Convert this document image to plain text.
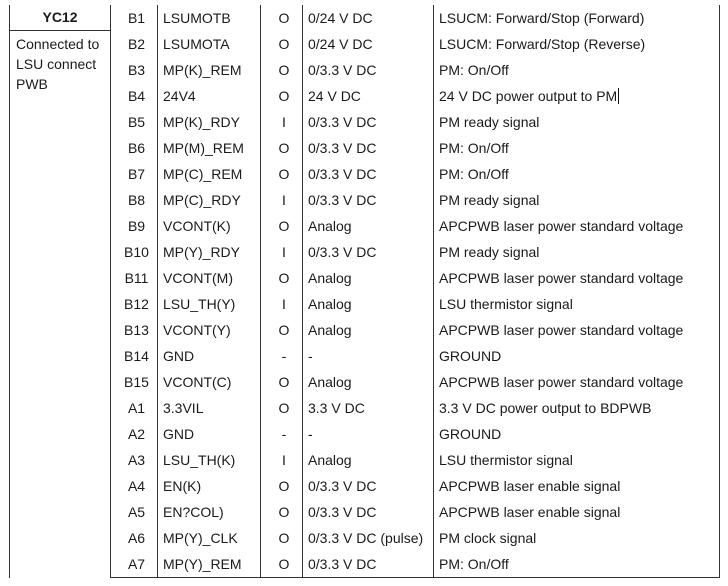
YC12
Connected to LSU connect PWB	B1	LSUMOTB	O	0/24 V DC	LSUCM: Forward/Stop (Forward)
	B2	LSUMOTA	O	0/24 V DC	LSUCM: Forward/Stop (Reverse)
	B3	MP(K)_REM	O	0/3.3 V DC	PM: On/Off
	B4	24V4	O	24 V DC	24 V DC power output to PM
	B5	MP(K)_RDY	I	0/3.3 V DC	PM ready signal
	B6	MP(M)_REM	O	0/3.3 V DC	PM: On/Off
	B7	MP(C)_REM	O	0/3.3 V DC	PM: On/Off
	B8	MP(C)_RDY	I	0/3.3 V DC	PM ready signal
	B9	VCONT(K)	O	Analog	APCPWB laser power standard voltage
	B10	MP(Y)_RDY	I	0/3.3 V DC	PM ready signal
	B11	VCONT(M)	O	Analog	APCPWB laser power standard voltage
	B12	LSU_TH(Y)	I	Analog	LSU thermistor signal
	B13	VCONT(Y)	O	Analog	APCPWB laser power standard voltage
	B14	GND	-	-	GROUND
	B15	VCONT(C)	O	Analog	APCPWB laser power standard voltage
	A1	3.3VIL	O	3.3 V DC	3.3 V DC power output to BDPWB
	A2	GND	-	-	GROUND
	A3	LSU_TH(K)	I	Analog	LSU thermistor signal
	A4	EN(K)	O	0/3.3 V DC	APCPWB laser enable signal
	A5	EN?COL)	O	0/3.3 V DC	APCPWB laser enable signal
	A6	MP(Y)_CLK	O	0/3.3 V DC (pulse)	PM clock signal
	A7	MP(Y)_REM	O	0/3.3 V DC	PM: On/Off
